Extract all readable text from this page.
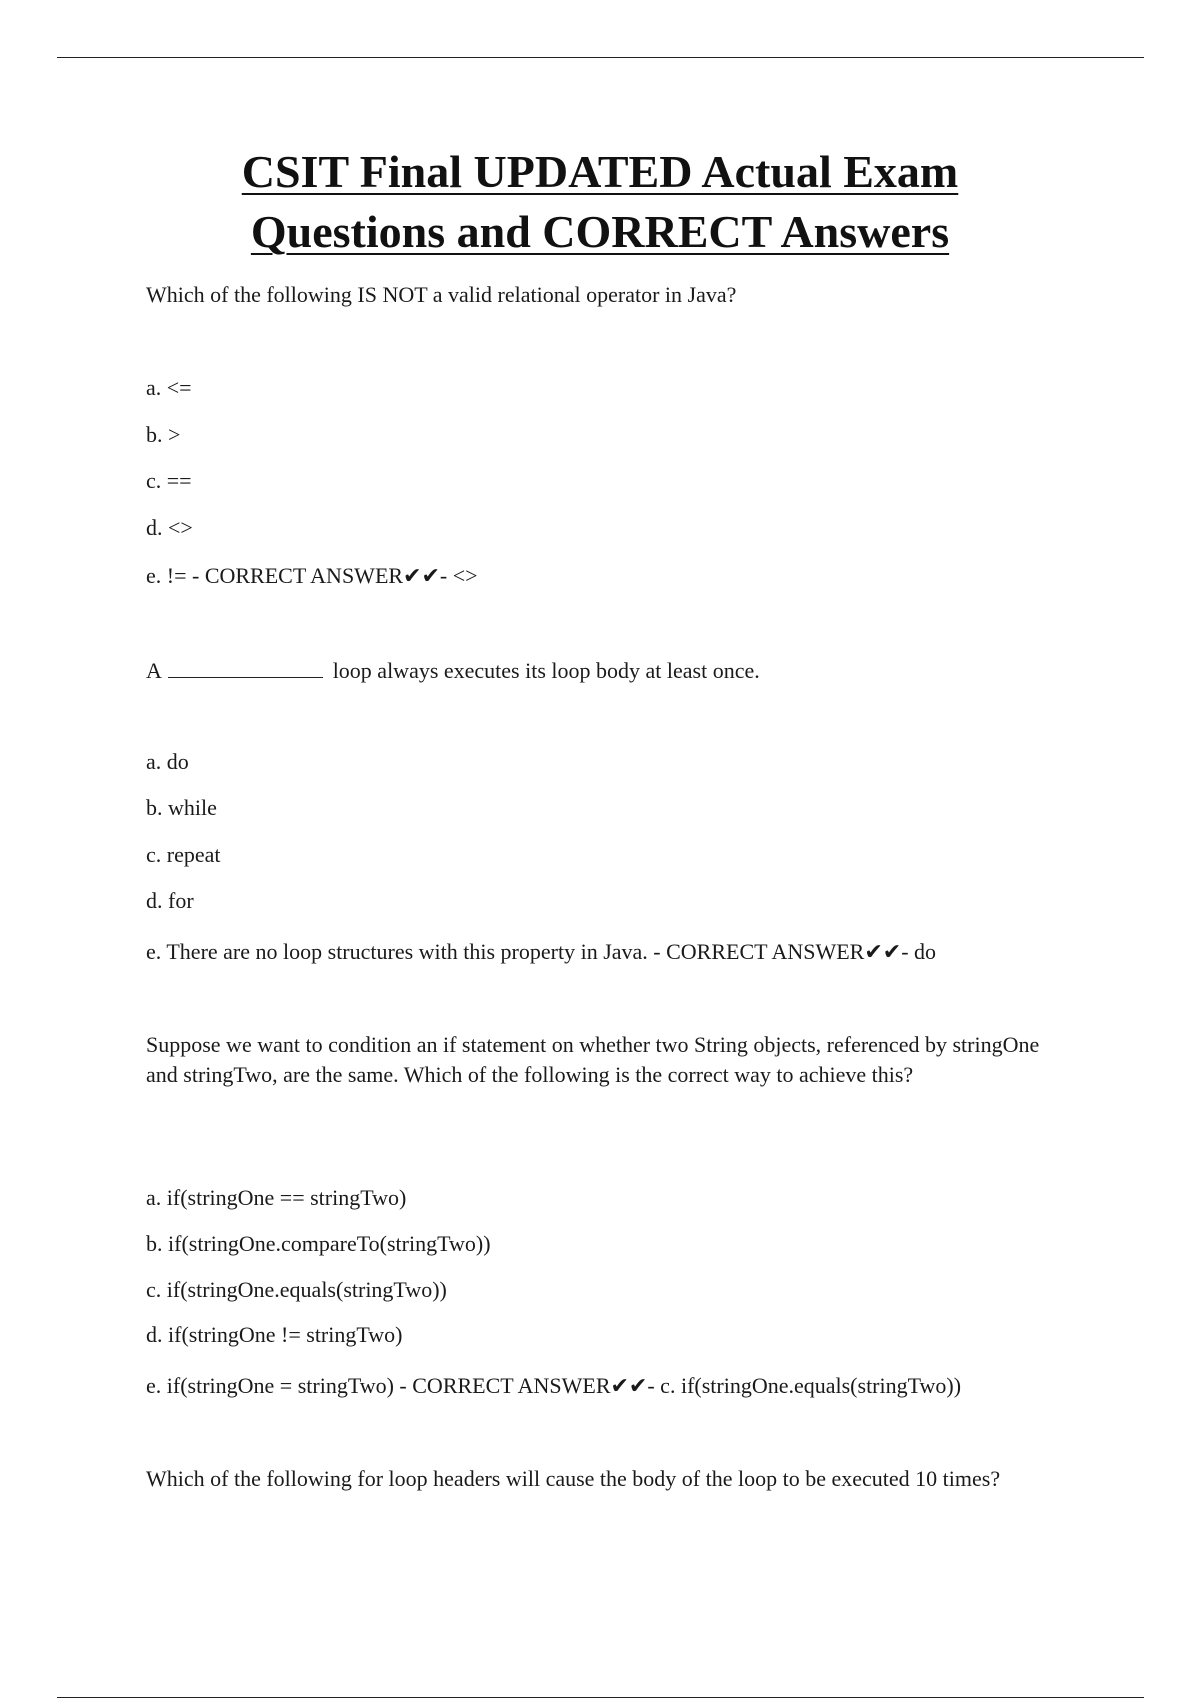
CSIT Final UPDATED Actual Exam
Questions and CORRECT Answers

Which of the following IS NOT a valid relational operator in Java?

a. <=

b. >

c. ==

d. <>

e. != - CORRECT ANSWER✔✔- <>

A	loop always executes its loop body at least once.

a. do

b. while

c. repeat

d. for

e. There are no loop structures with this property in Java. - CORRECT ANSWER✔✔- do

Suppose we want to condition an if statement on whether two String objects, referenced by stringOne and stringTwo, are the same. Which of the following is the correct way to achieve this?

a. if(stringOne == stringTwo)

b. if(stringOne.compareTo(stringTwo))

c. if(stringOne.equals(stringTwo))

d. if(stringOne != stringTwo)

e. if(stringOne = stringTwo) - CORRECT ANSWER✔✔- c. if(stringOne.equals(stringTwo))

Which of the following for loop headers will cause the body of the loop to be executed 10 times?
